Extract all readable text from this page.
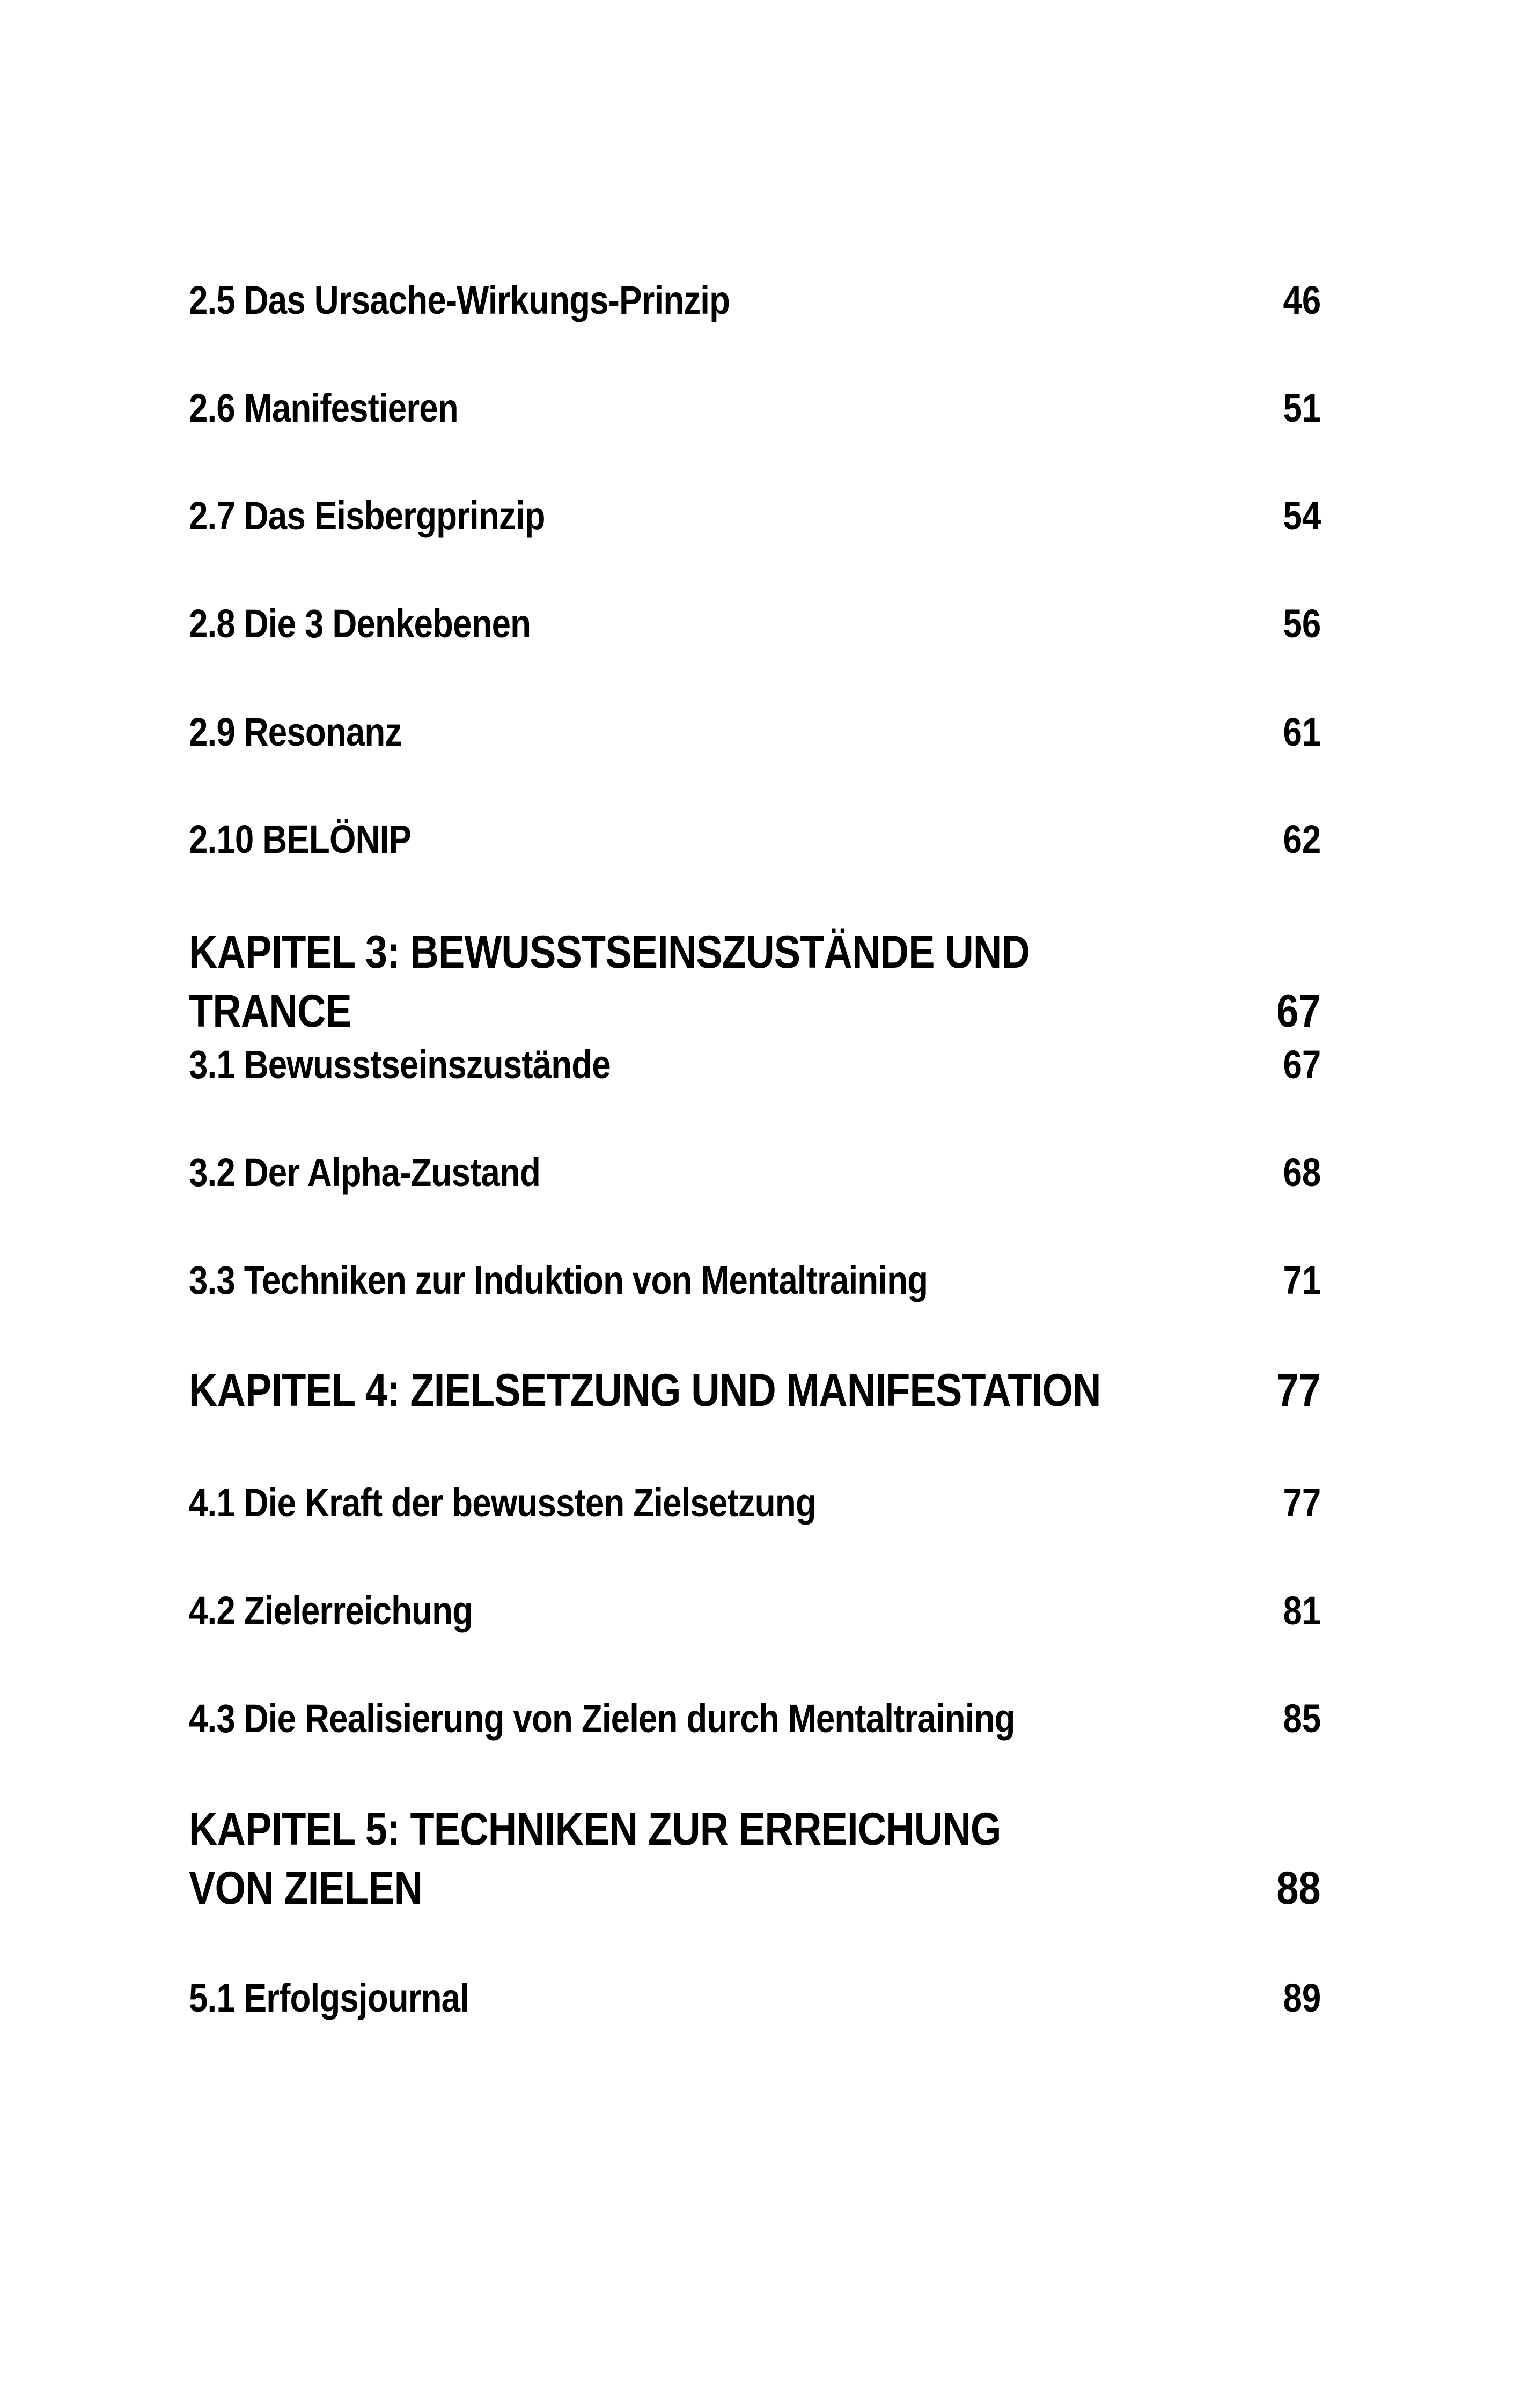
2.5 Das Ursache-Wirkungs-Prinzip	46
2.6 Manifestieren	51
2.7 Das Eisbergprinzip	54
2.8 Die 3 Denkebenen	56
2.9 Resonanz	61
2.10 BELÖNIP	62
KAPITEL 3: BEWUSSTSEINSZUSTÄNDE UND TRANCE	67
3.1 Bewusstseinszustände	67
3.2 Der Alpha-Zustand	68
3.3 Techniken zur Induktion von Mentaltraining	71
KAPITEL 4: ZIELSETZUNG UND MANIFESTATION	77
4.1 Die Kraft der bewussten Zielsetzung	77
4.2 Zielerreichung	81
4.3 Die Realisierung von Zielen durch Mentaltraining	85
KAPITEL 5: TECHNIKEN ZUR ERREICHUNG
VON ZIELEN	88
5.1 Erfolgsjournal	89
